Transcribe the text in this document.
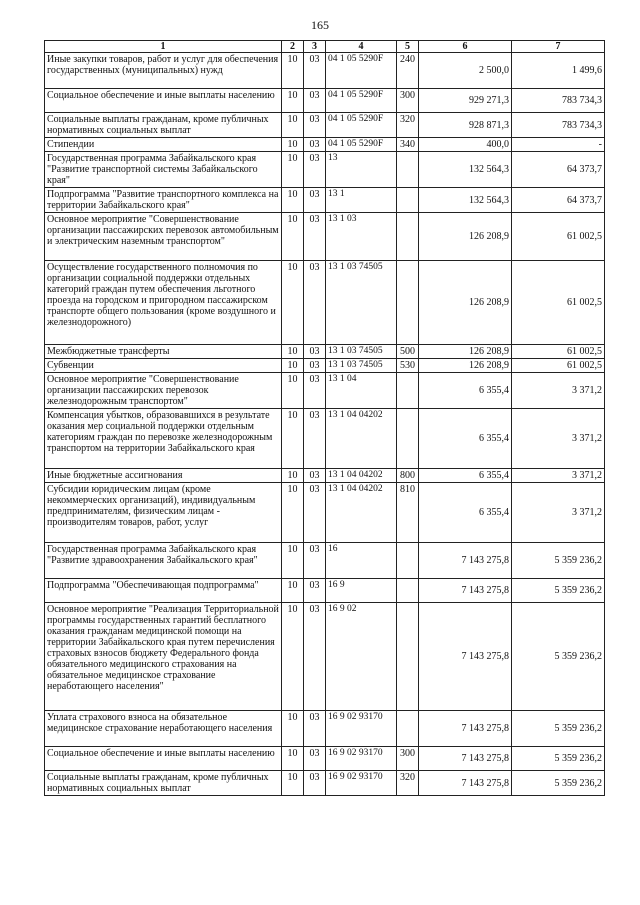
165
1	2	3	4	5	6	7
Иные закупки товаров, работ и услуг для обеспечения государственных (муниципальных) нужд	10	03	04 1 05 5290F	240	2 500,0	1 499,6
Социальное обеспечение и иные выплаты населению	10	03	04 1 05 5290F	300	929 271,3	783 734,3
Социальные выплаты гражданам, кроме публичных нормативных социальных выплат	10	03	04 1 05 5290F	320	928 871,3	783 734,3
Стипендии	10	03	04 1 05 5290F	340	400,0	-
Государственная программа Забайкальского края "Развитие транспортной системы Забайкальского края"	10	03	13		132 564,3	64 373,7
Подпрограмма "Развитие транспортного комплекса на территории Забайкальского края"	10	03	13 1		132 564,3	64 373,7
Основное мероприятие "Совершенствование организации пассажирских перевозок автомобильным и электрическим наземным транспортом"	10	03	13 1 03		126 208,9	61 002,5
Осуществление государственного полномочия по организации социальной поддержки отдельных категорий граждан путем обеспечения льготного проезда на городском и пригородном пассажирском транспорте общего пользования (кроме воздушного и железнодорожного)	10	03	13 1 03 74505		126 208,9	61 002,5
Межбюджетные трансферты	10	03	13 1 03 74505	500	126 208,9	61 002,5
Субвенции	10	03	13 1 03 74505	530	126 208,9	61 002,5
Основное мероприятие "Совершенствование организации пассажирских перевозок железнодорожным транспортом"	10	03	13 1 04		6 355,4	3 371,2
Компенсация убытков, образовавшихся в результате оказания мер социальной поддержки отдельным категориям граждан по перевозке железнодорожным транспортом на территории Забайкальского края	10	03	13 1 04 04202		6 355,4	3 371,2
Иные бюджетные ассигнования	10	03	13 1 04 04202	800	6 355,4	3 371,2
Субсидии юридическим лицам (кроме некоммерческих организаций), индивидуальным предпринимателям, физическим лицам - производителям товаров, работ, услуг	10	03	13 1 04 04202	810	6 355,4	3 371,2
Государственная программа Забайкальского края "Развитие здравоохранения Забайкальского края"	10	03	16		7 143 275,8	5 359 236,2
Подпрограмма "Обеспечивающая подпрограмма"	10	03	16 9		7 143 275,8	5 359 236,2
Основное мероприятие "Реализация Территориальной программы государственных гарантий бесплатного оказания гражданам медицинской помощи на территории Забайкальского края путем перечисления страховых взносов бюджету Федерального фонда обязательного медицинского страхования на обязательное медицинское страхование неработающего населения"	10	03	16 9 02		7 143 275,8	5 359 236,2
Уплата страхового взноса на обязательное медицинское страхование неработающего населения	10	03	16 9 02 93170		7 143 275,8	5 359 236,2
Социальное обеспечение и иные выплаты населению	10	03	16 9 02 93170	300	7 143 275,8	5 359 236,2
Социальные выплаты гражданам, кроме публичных нормативных социальных выплат	10	03	16 9 02 93170	320	7 143 275,8	5 359 236,2
